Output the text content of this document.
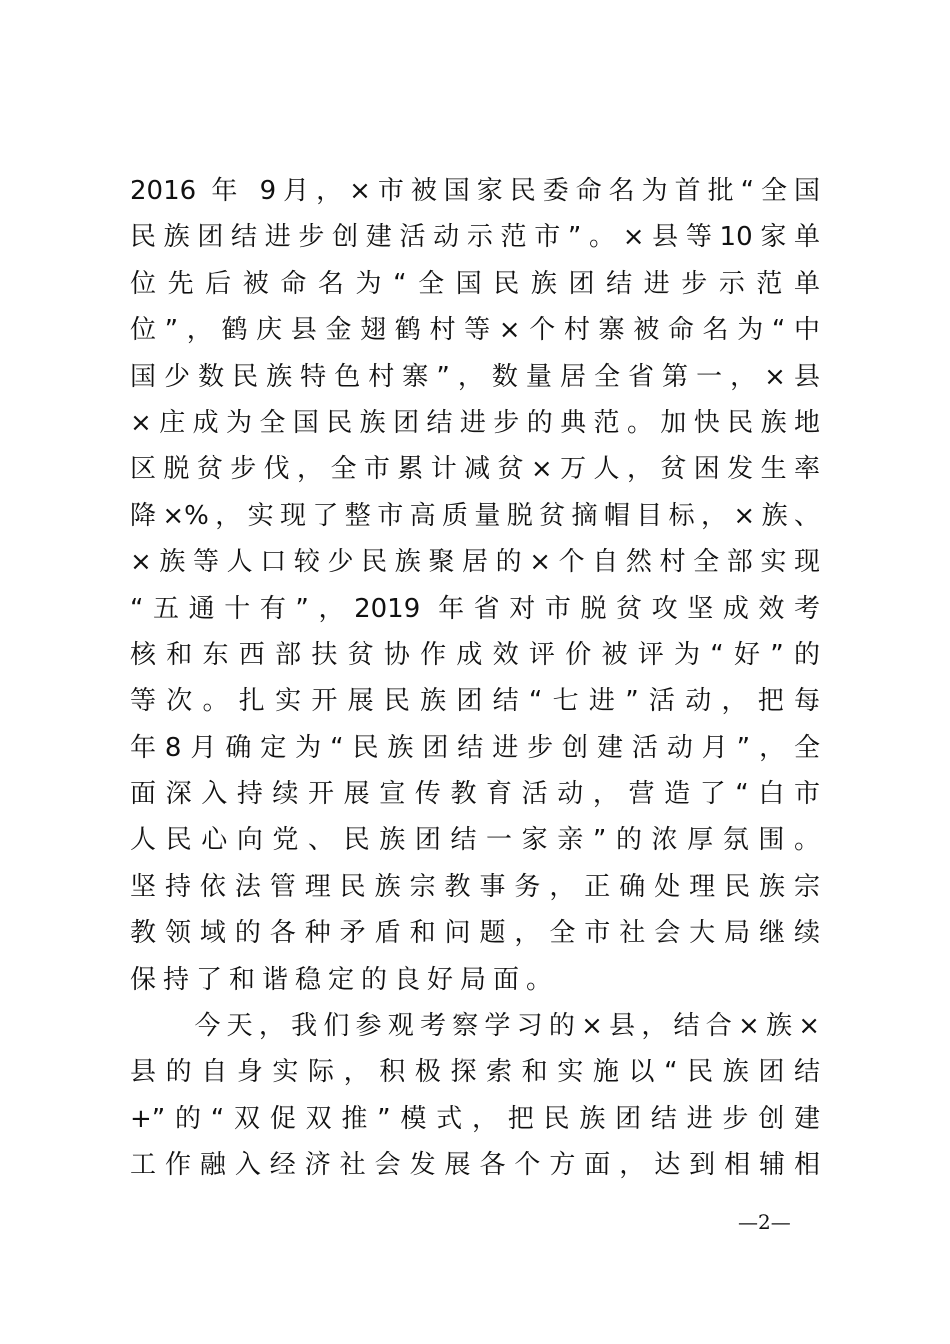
2016 年 9月，×市被国家民委命名为首批“全国
民族团结进步创建活动示范市”。×县等10家单
位先后被命名为“全国民族团结进步示范单
位”，鹤庆县金翅鹤村等×个村寨被命名为“中
国少数民族特色村寨”，数量居全省第一，×县
×庄成为全国民族团结进步的典范。加快民族地
区脱贫步伐，全市累计减贫×万人，贫困发生率
降×%，实现了整市高质量脱贫摘帽目标，×族、
×族等人口较少民族聚居的×个自然村全部实现
“五通十有”，2019 年省对市脱贫攻坚成效考
核和东西部扶贫协作成效评价被评为“好”的
等次。扎实开展民族团结“七进”活动，把每
年8月确定为“民族团结进步创建活动月”，全
面深入持续开展宣传教育活动，营造了“白市
人民心向党、民族团结一家亲”的浓厚氛围。
坚持依法管理民族宗教事务，正确处理民族宗
教领域的各种矛盾和问题，全市社会大局继续
保持了和谐稳定的良好局面。
　　今天，我们参观考察学习的×县，结合×族×
县的自身实际，积极探索和实施以“民族团结
+”的“双促双推”模式，把民族团结进步创建
工作融入经济社会发展各个方面，达到相辅相
—2—
